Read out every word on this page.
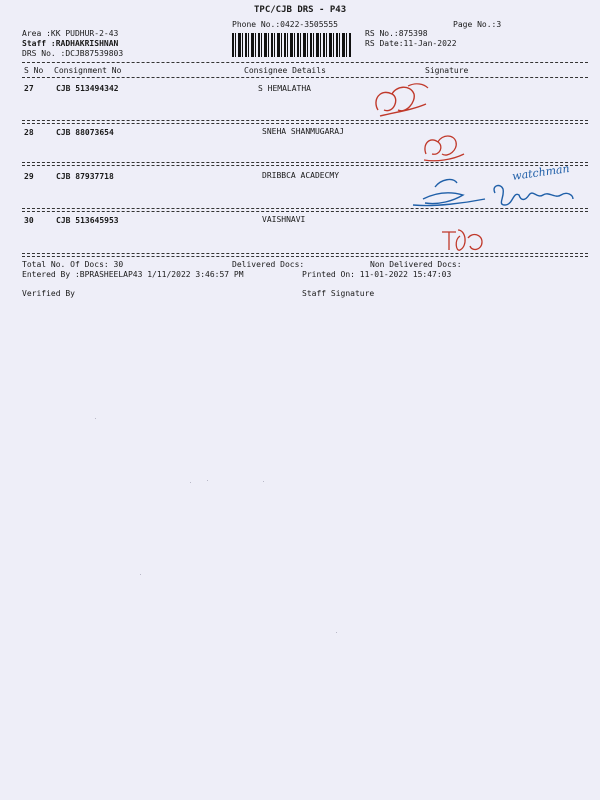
TPC/CJB DRS - P43
Phone No.:0422-3505555	Page No.:3
Area :KK PUDHUR-2-43
Staff :RADHAKRISHNAN
DRS No. :DCJB87539803
RS No.:875398
RS Date:11-Jan-2022
S No Consignment No	Consignee Details	Signature
27	CJB 513494342	S HEMALATHA
28	CJB 88073654	SNEHA SHANMUGARAJ
29	CJB 87937718	DRIBBCA ACADECMY
30	CJB 513645953	VAISHNAVI
Total No. Of Docs: 30	Delivered Docs:	Non Delivered Docs:
Entered By :BPRASHEELAP43 1/11/2022 3:46:57 PM	Printed On: 11-01-2022 15:47:03
Verified By	Staff Signature
watchman
